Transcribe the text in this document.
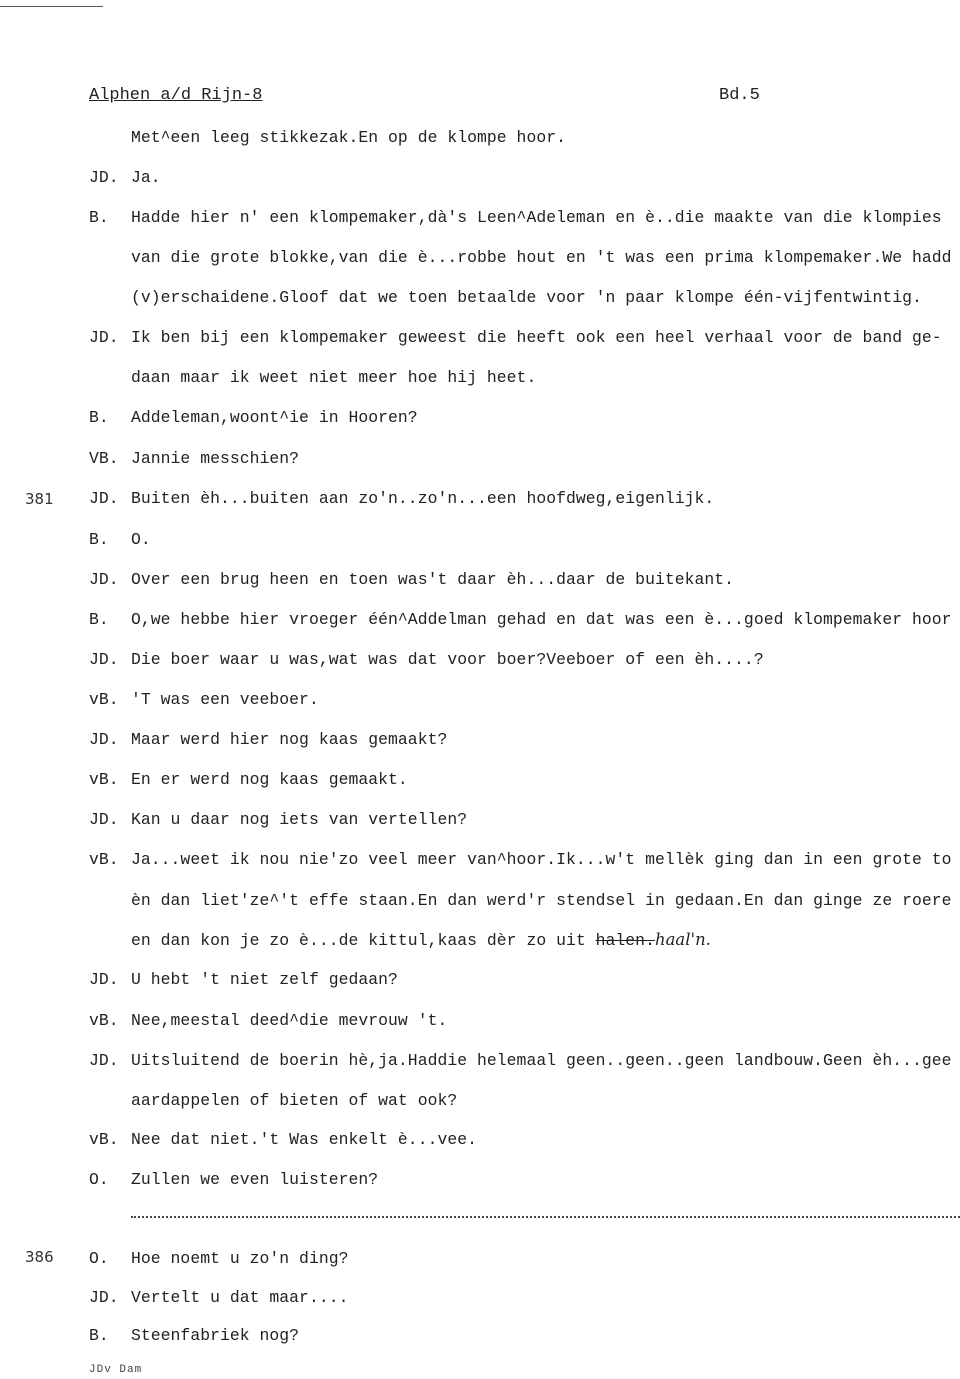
Alphen a/d Rijn-8	Bd.5
381
386
Met^een leeg stikkezak.En op de klompe hoor.
JD. Ja.
B. Hadde hier n' een klompemaker,dà's Leen^Adeleman en è..die maakte van die klompies
van die grote blokke,van die è...robbe hout en 't was een prima klompemaker.We hadd
(v)erschaidene.Gloof dat we toen betaalde voor 'n paar klompe één-vijfentwintig.
JD. Ik ben bij een klompemaker geweest die heeft ook een heel verhaal voor de band ge-
daan maar ik weet niet meer hoe hij heet.
B. Addeleman,woont^ie in Hooren?
VB. Jannie messchien?
JD. Buiten èh...buiten aan zo'n..zo'n...een hoofdweg,eigenlijk.
B. O.
JD. Over een brug heen en toen was't daar èh...daar de buitekant.
B. O,we hebbe hier vroeger één^Addelman gehad en dat was een è...goed klompemaker hoor
JD. Die boer waar u was,wat was dat voor boer?Veeboer of een èh....?
vB. 'T was een veeboer.
JD. Maar werd hier nog kaas gemaakt?
vB. En er werd nog kaas gemaakt.
JD. Kan u daar nog iets van vertellen?
vB. Ja...weet ik nou nie'zo veel meer van^hoor.Ik...w't mellèk ging dan in een grote to
èn dan liet'ze^'t effe staan.En dan werd'r stendsel in gedaan.En dan ginge ze roere
en dan kon je zo è...de kittul,kaas dèr zo uit halen.haal'n.
JD. U hebt 't niet zelf gedaan?
vB. Nee,meestal deed^die mevrouw 't.
JD. Uitsluitend de boerin hè,ja.Haddie helemaal geen..geen..geen landbouw.Geen èh...gee
aardappelen of bieten of wat ook?
vB. Nee dat niet.'t Was enkelt è...vee.
O. Zullen we even luisteren?
O. Hoe noemt u zo'n ding?
JD. Vertelt u dat maar....
B. Steenfabriek nog?
JDv Dam
